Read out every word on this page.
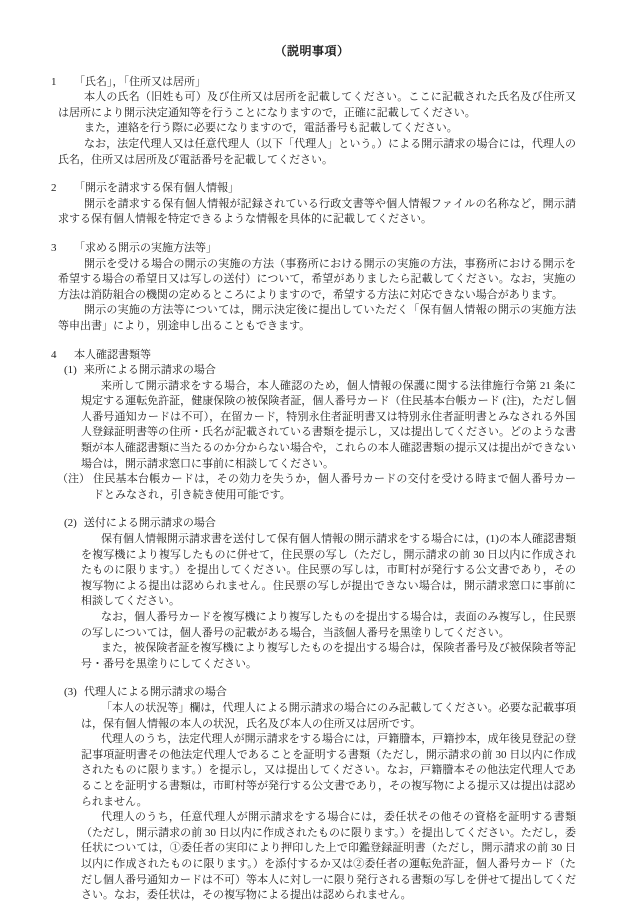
（説明事項）
1 「氏名」，「住所又は居所」

本人の氏名（旧姓も可）及び住所又は居所を記載してください。ここに記載された氏名及び住所又は居所により開示決定通知等を行うことになりますので，正確に記載してください。

また，連絡を行う際に必要になりますので，電話番号も記載してください。

なお，法定代理人又は任意代理人（以下「代理人」という。）による開示請求の場合には，代理人の氏名，住所又は居所及び電話番号を記載してください。

2 「開示を請求する保有個人情報」

開示を請求する保有個人情報が記録されている行政文書等や個人情報ファイルの名称など，開示請求する保有個人情報を特定できるような情報を具体的に記載してください。

3 「求める開示の実施方法等」

開示を受ける場合の開示の実施の方法（事務所における開示の実施の方法，事務所における開示を希望する場合の希望日又は写しの送付）について，希望がありましたら記載してください。なお，実施の方法は消防組合の機関の定めるところによりますので，希望する方法に対応できない場合があります。

開示の実施の方法等については，開示決定後に提出していただく「保有個人情報の開示の実施方法等申出書」により，別途申し出ることもできます。

4 本人確認書類等
(1) 来所による開示請求の場合

来所して開示請求をする場合，本人確認のため，個人情報の保護に関する法律施行令第 21 条に規定する運転免許証，健康保険の被保険者証，個人番号カード（住民基本台帳カード (注)，ただし個人番号通知カードは不可），在留カード，特別永住者証明書又は特別永住者証明書とみなされる外国人登録証明書等の住所・氏名が記載されている書類を提示し，又は提出してください。どのような書類が本人確認書類に当たるのか分からない場合や，これらの本人確認書類の提示又は提出ができない場合は，開示請求窓口に事前に相談してください。

（注） 住民基本台帳カードは，その効力を失うか，個人番号カードの交付を受ける時まで個人番号カードとみなされ，引き続き使用可能です。
(2) 送付による開示請求の場合

保有個人情報開示請求書を送付して保有個人情報の開示請求をする場合には，(1)の本人確認書類を複写機により複写したものに併せて，住民票の写し（ただし，開示請求の前 30 日以内に作成されたものに限ります。）を提出してください。住民票の写しは，市町村が発行する公文書であり，その複写物による提出は認められません。住民票の写しが提出できない場合は，開示請求窓口に事前に相談してください。

なお，個人番号カードを複写機により複写したものを提出する場合は，表面のみ複写し，住民票の写しについては，個人番号の記載がある場合，当該個人番号を黒塗りしてください。

また，被保険者証を複写機により複写したものを提出する場合は，保険者番号及び被保険者等記号・番号を黒塗りにしてください。

(3) 代理人による開示請求の場合

「本人の状況等」欄は，代理人による開示請求の場合にのみ記載してください。必要な記載事項は，保有個人情報の本人の状況，氏名及び本人の住所又は居所です。

代理人のうち，法定代理人が開示請求をする場合には，戸籍謄本，戸籍抄本，成年後見登記の登記事項証明書その他法定代理人であることを証明する書類（ただし，開示請求の前 30 日以内に作成されたものに限ります。）を提示し，又は提出してください。なお，戸籍謄本その他法定代理人であることを証明する書類は，市町村等が発行する公文書であり，その複写物による提示又は提出は認められません。

代理人のうち，任意代理人が開示請求をする場合には，委任状その他その資格を証明する書類（ただし，開示請求の前 30 日以内に作成されたものに限ります。）を提出してください。ただし，委任状については，①委任者の実印により押印した上で印鑑登録証明書（ただし，開示請求の前 30 日以内に作成されたものに限ります。）を添付するか又は②委任者の運転免許証，個人番号カード（ただし個人番号通知カードは不可）等本人に対し一に限り発行される書類の写しを併せて提出してください。なお，委任状は，その複写物による提出は認められません。
